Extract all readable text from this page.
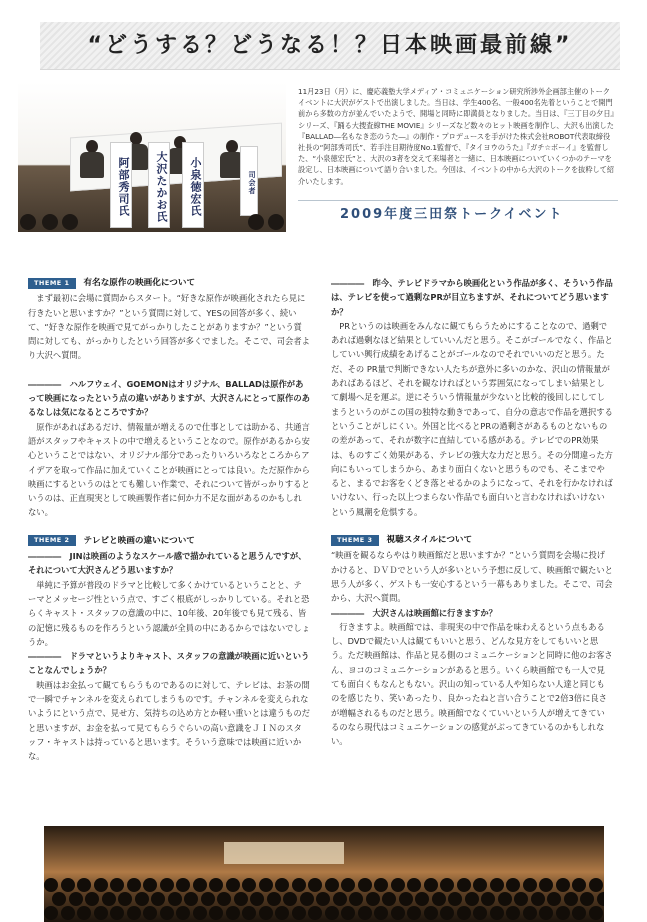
“どうする？どうなる！？日本映画最前線”
阿部秀司氏	大沢たかお氏	小泉徳宏氏	司会者

11月23日（月）に、慶応義塾大学メディア・コミュニケーション研究所渉外企画部主催のトークイベントに大沢がゲストで出演しました。当日は、学生400名、一般400名先着ということで開門前から多数の方が並んでいたようで、開場と同時に即満員となりました。当日は、『三丁目の夕日』シリーズ、『踊る大捜査線THE MOVIE』シリーズなど数々のヒット映画を制作し、大沢も出演した『BALLAD―名もなき恋のうた―』の制作・プロデュースを手がけた株式会社ROBOT代表取締役社長の“阿部秀司氏”、若手注目期待度No.1監督で、『タイヨウのうた』『ガチ☆ボーイ』を監督した、“小泉徳宏氏”と、大沢の3者を交えて来場者と一緒に、日本映画についていくつかのテーマを設定し、日本映画について語り合いました。今回は、イベントの中から大沢のトークを抜粋して紹介いたします。

2009年度三田祭トークイベント
THEME 1	有名な原作の映画化について

まず最初に会場に質問からスタート。“好きな原作が映画化されたら見に行きたいと思いますか？”という質問に対して、YESの回答が多く、続いて、“好きな原作を映画で見てがっかりしたことがありますか？”という質問に対しても、がっかりしたという回答が多くでました。そこで、司会者より大沢へ質問。

――――　ハルフウェイ、GOEMONはオリジナル、BALLADは原作があって映画になったという点の違いがありますが、大沢さんにとって原作のあるなしは気になるところですか？

原作があればあるだけ、情報量が増えるので仕事としては助かる、共通言語がスタッフやキャストの中で増えるということなので。原作があるから安心ということではない、オリジナル部分であったりいろいろなところからアイデアを取って作品に加えていくことが映画にとっては良い。ただ原作から映画にするというのはとても難しい作業で、それについて皆がっかりするというのは、正直現実として映画製作者に何か力不足な面があるのかもしれない。

THEME 2	テレビと映画の違いについて

――――　JINは映画のようなスケール感で描かれていると思うんですが、それについて大沢さんどう思いますか？

単純に予算が普段のドラマと比較して多くかけているということと、テーマとメッセージ性という点で、すごく根底がしっかりしている。それと恐らくキャスト・スタッフの意識の中に、10年後、20年後でも見て残る、皆の記憶に残るものを作ろうという認識が全員の中にあるからではないでしょうか。

――――　ドラマというよりキャスト、スタッフの意識が映画に近いということなんでしょうか？

映画はお金払って観てもらうものであるのに対して、テレビは、お茶の間で一瞬でチャンネルを変えられてしまうものです。チャンネルを変えられないようにという点で、見せ方、気持ちの込め方とか軽い重いとは違うものだと思いますが、お金を払って見てもらうぐらいの高い意識をＪＩＮのスタッフ・キャストは持っていると思います。そういう意味では映画に近いかな。

――――　昨今、テレビドラマから映画化という作品が多く、そういう作品は、テレビを使って過剰なPRが目立ちますが、それについてどう思いますか？

PRというのは映画をみんなに観てもらうためにすることなので、過剰であれば過剰なほど結果としていいんだと思う。そこがゴールでなく、作品としていい興行成績をあげることがゴールなのでそれでいいのだと思う。ただ、その PR量で判断できない人たちが意外に多いのかな、沢山の情報量があればあるほど、それを観なければという雰囲気になってしまい結果として劇場へ足を運ぶ。逆にそういう情報量が少ないと比較的後回しにしてしまうというのがこの国の独特な動きであって、自分の意志で作品を選択するということがしにくい。外国と比べるとPRの過剰さがあるものとないものの差があって、それが数字に直結している感がある。テレビでのPR効果は、ものすごく効果がある、テレビの強大な力だと思う。その分間違った方向にもいってしまうから、あまり面白くないと思うものでも、そこまでやると、まるでお客をくどき落とせるかのようになって、それを行かなければいけない、行った以上つまらない作品でも面白いと言わなければいけないという風潮を危惧する。

THEME 3	視聴スタイルについて

“映画を観るならやはり映画館だと思いますか？”という質問を会場に投げかけると、ＤＶＤでという人が多いという予想に反して、映画館で観たいと思う人が多く、ゲストも一安心するという一幕もありました。そこで、司会から、大沢へ質問。

――――　大沢さんは映画館に行きますか？

行きますよ。映画館では、非現実の中で作品を味わえるという点もあるし、DVDで観たい人は観てもいいと思う、どんな見方をしてもいいと思う。ただ映画館は、作品と見る側のコミュニケーションと同時に他のお客さん、ヨコのコミュニケーションがあると思う。いくら映画館でも一人で見ても面白くもなんともない。沢山の知っている人や知らない人達と同じものを感じたり、笑いあったり、良かったねと言い合うことで2倍3倍に良さが増幅されるものだと思う。映画館でなくていいという人が増えてきているのなら現代はコミュニケーションの感覚がぶってきているのかもしれない。
